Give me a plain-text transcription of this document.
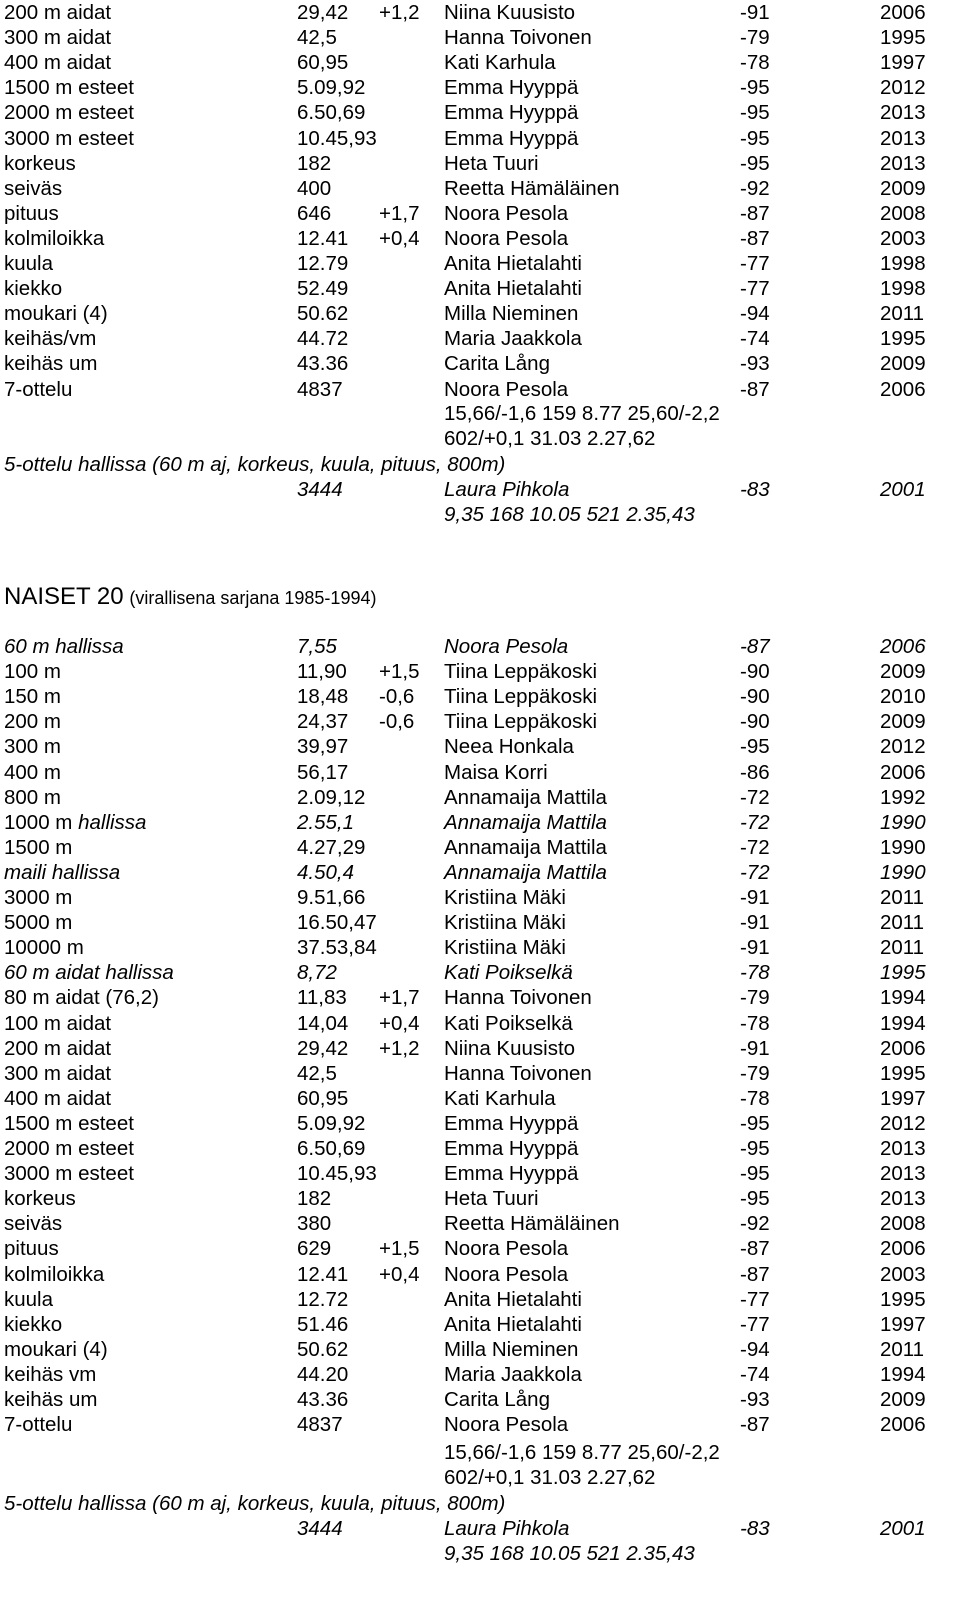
200 m aidat	29,42 +1,2 Niina Kuusisto	-91	2006
300 m aidat	42,5	Hanna Toivonen	-79	1995
400 m aidat	60,95	Kati Karhula	-78	1997
1500 m esteet	5.09,92	Emma Hyyppä	-95	2012
2000 m esteet	6.50,69	Emma Hyyppä	-95	2013
3000 m esteet	10.45,93	Emma Hyyppä	-95	2013
korkeus	182	Heta Tuuri	-95	2013
seiväs	400	Reetta Hämäläinen	-92	2009
pituus	646 +1,7 Noora Pesola	-87	2008
kolmiloikka	12.41 +0,4 Noora Pesola	-87	2003
kuula	12.79	Anita Hietalahti	-77	1998
kiekko	52.49	Anita Hietalahti	-77	1998
moukari (4)	50.62	Milla Nieminen	-94	2011
keihäs/vm	44.72	Maria Jaakkola	-74	1995
keihäs um	43.36	Carita Lång	-93	2009
7-ottelu	4837	Noora Pesola	-87	2006
15,66/-1,6 159 8.77 25,60/-2,2
602/+0,1 31.03 2.27,62
5-ottelu hallissa (60 m aj, korkeus, kuula, pituus, 800m)
3444	Laura Pihkola	-83	2001
9,35 168 10.05 521 2.35,43
NAISET 20 (virallisena sarjana 1985-1994)
60 m hallissa	7,55	Noora Pesola	-87	2006
100 m	11,90 +1,5 Tiina Leppäkoski	-90	2009
150 m	18,48 -0,6 Tiina Leppäkoski	-90	2010
200 m	24,37 -0,6 Tiina Leppäkoski	-90	2009
300 m	39,97	Neea Honkala	-95	2012
400 m	56,17	Maisa Korri	-86	2006
800 m	2.09,12	Annamaija Mattila	-72	1992
1000 m hallissa	2.55,1	Annamaija Mattila	-72	1990
1500 m	4.27,29	Annamaija Mattila	-72	1990
maili hallissa	4.50,4	Annamaija Mattila	-72	1990
3000 m	9.51,66	Kristiina Mäki	-91	2011
5000 m	16.50,47	Kristiina Mäki	-91	2011
10000 m	37.53,84	Kristiina Mäki	-91	2011
60 m aidat hallissa	8,72	Kati Poikselkä	-78	1995
80 m aidat (76,2)	11,83 +1,7 Hanna Toivonen	-79	1994
100 m aidat	14,04 +0,4 Kati Poikselkä	-78	1994
200 m aidat	29,42 +1,2 Niina Kuusisto	-91	2006
300 m aidat	42,5	Hanna Toivonen	-79	1995
400 m aidat	60,95	Kati Karhula	-78	1997
1500 m esteet	5.09,92	Emma Hyyppä	-95	2012
2000 m esteet	6.50,69	Emma Hyyppä	-95	2013
3000 m esteet	10.45,93	Emma Hyyppä	-95	2013
korkeus	182	Heta Tuuri	-95	2013
seiväs	380	Reetta Hämäläinen	-92	2008
pituus	629 +1,5 Noora Pesola	-87	2006
kolmiloikka	12.41 +0,4 Noora Pesola	-87	2003
kuula	12.72	Anita Hietalahti	-77	1995
kiekko	51.46	Anita Hietalahti	-77	1997
moukari (4)	50.62	Milla Nieminen	-94	2011
keihäs vm	44.20	Maria Jaakkola	-74	1994
keihäs um	43.36	Carita Lång	-93	2009
7-ottelu	4837	Noora Pesola	-87	2006
15,66/-1,6 159 8.77 25,60/-2,2
602/+0,1 31.03 2.27,62
5-ottelu hallissa (60 m aj, korkeus, kuula, pituus, 800m)
3444	Laura Pihkola	-83	2001
9,35 168 10.05 521 2.35,43
